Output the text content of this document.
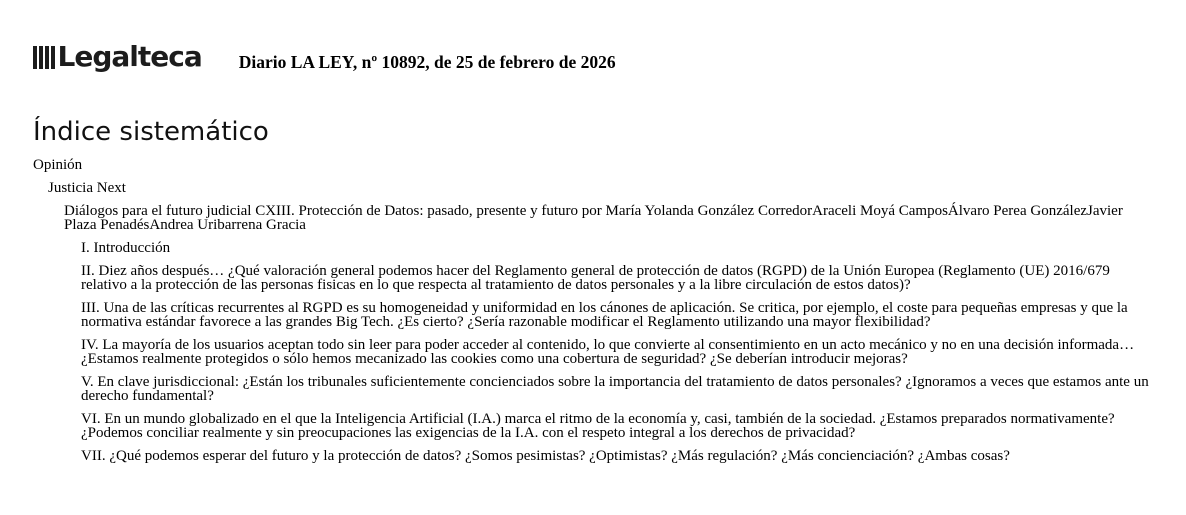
Legalteca Diario LA LEY, nº 10892, de 25 de febrero de 2026
Índice sistemático
Opinión
Justicia Next
Diálogos para el futuro judicial CXIII. Protección de Datos: pasado, presente y futuro por María Yolanda González CorredorAraceli Moyá CamposÁlvaro Perea GonzálezJavier Plaza PenadésAndrea Uribarrena Gracia
I. Introducción
II. Diez años después… ¿Qué valoración general podemos hacer del Reglamento general de protección de datos (RGPD) de la Unión Europea (Reglamento (UE) 2016/679 relativo a la protección de las personas fisicas en lo que respecta al tratamiento de datos personales y a la libre circulación de estos datos)?
III. Una de las críticas recurrentes al RGPD es su homogeneidad y uniformidad en los cánones de aplicación. Se critica, por ejemplo, el coste para pequeñas empresas y que la normativa estándar favorece a las grandes Big Tech. ¿Es cierto? ¿Sería razonable modificar el Reglamento utilizando una mayor flexibilidad?
IV. La mayoría de los usuarios aceptan todo sin leer para poder acceder al contenido, lo que convierte al consentimiento en un acto mecánico y no en una decisión informada… ¿Estamos realmente protegidos o sólo hemos mecanizado las cookies como una cobertura de seguridad? ¿Se deberían introducir mejoras?
V. En clave jurisdiccional: ¿Están los tribunales suficientemente concienciados sobre la importancia del tratamiento de datos personales? ¿Ignoramos a veces que estamos ante un derecho fundamental?
VI. En un mundo globalizado en el que la Inteligencia Artificial (I.A.) marca el ritmo de la economía y, casi, también de la sociedad. ¿Estamos preparados normativamente? ¿Podemos conciliar realmente y sin preocupaciones las exigencias de la I.A. con el respeto integral a los derechos de privacidad?
VII. ¿Qué podemos esperar del futuro y la protección de datos? ¿Somos pesimistas? ¿Optimistas? ¿Más regulación? ¿Más concienciación? ¿Ambas cosas?
